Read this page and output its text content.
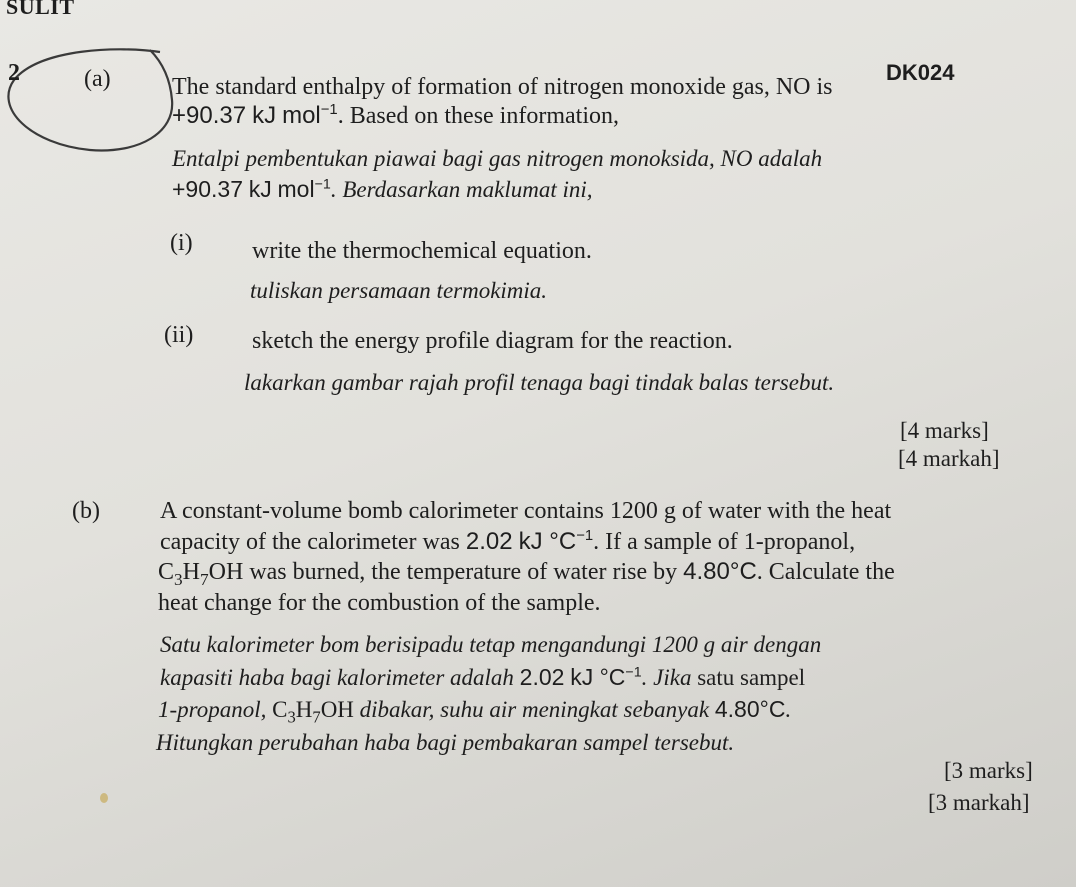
SULIT
DK024
2	(a)	The standard enthalpy of formation of nitrogen monoxide gas, NO is
+90.37 kJ mol$^{-1}$. Based on these information,
Entalpi pembentukan piawai bagi gas nitrogen monoksida, NO adalah
+90.37 kJ mol$^{-1}$. Berdasarkan maklumat ini,
(i) write the thermochemical equation.
tuliskan persamaan termokimia.
(ii) sketch the energy profile diagram for the reaction.
lakarkan gambar rajah profil tenaga bagi tindak balas tersebut.
[4 marks]
[4 markah]
(b)	A constant-volume bomb calorimeter contains 1200 g of water with the heat
capacity of the calorimeter was 2.02 kJ $^\circ C^{-1}$. If a sample of 1-propanol,
$C_3H_7OH$ was burned, the temperature of water rise by 4.80°C. Calculate the
heat change for the combustion of the sample.
Satu kalorimeter bom berisipadu tetap mengandungi 1200 g air dengan
kapasiti haba bagi kalorimeter adalah 2.02 kJ $^\circ C^{-1}$. Jika satu sampel
1-propanol, $C_3H_7OH$ dibakar, suhu air meningkat sebanyak 4.80°C.
Hitungkan perubahan haba bagi pembakaran sampel tersebut.
[3 marks]
[3 markah]
